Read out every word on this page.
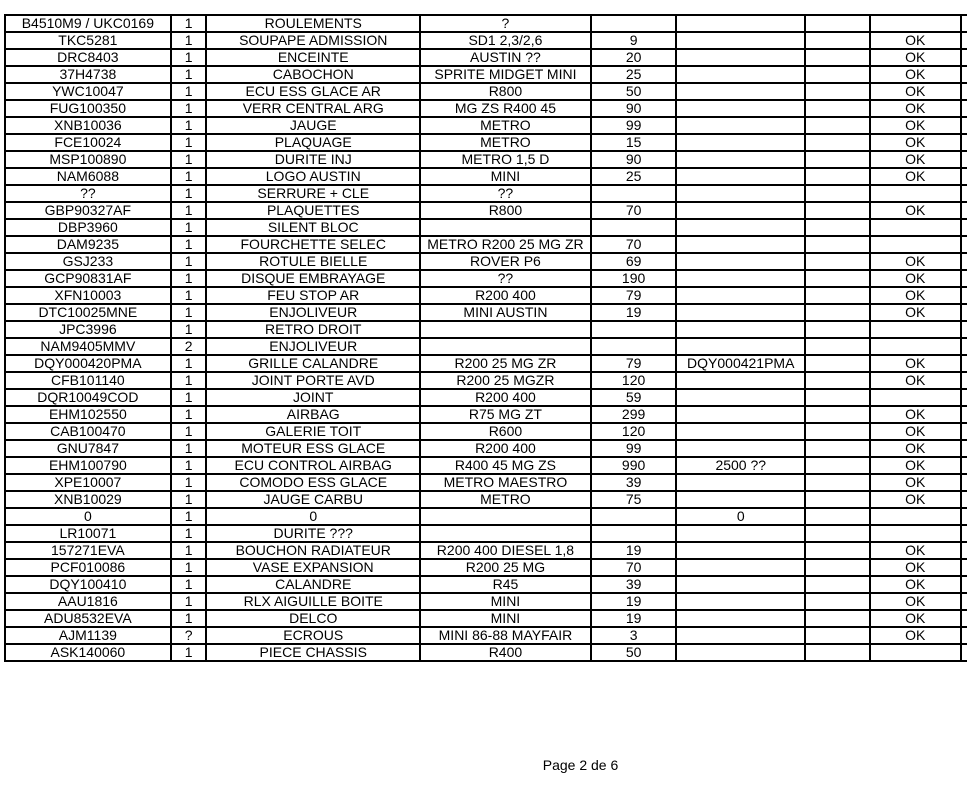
B4510M9 / UKC0169	1	ROULEMENTS	?					
TKC5281	1	SOUPAPE ADMISSION	SD1 2,3/2,6	9			OK	
DRC8403	1	ENCEINTE	AUSTIN ??	20			OK	
37H4738	1	CABOCHON	SPRITE MIDGET MINI	25			OK	
YWC10047	1	ECU ESS GLACE AR	R800	50			OK	
FUG100350	1	VERR CENTRAL ARG	MG ZS R400 45	90			OK	
XNB10036	1	JAUGE	METRO	99			OK	
FCE10024	1	PLAQUAGE	METRO	15			OK	
MSP100890	1	DURITE INJ	METRO 1,5 D	90			OK	
NAM6088	1	LOGO AUSTIN	MINI	25			OK	
??	1	SERRURE + CLE	??					
GBP90327AF	1	PLAQUETTES	R800	70			OK	
DBP3960	1	SILENT BLOC						
DAM9235	1	FOURCHETTE SELEC	METRO R200 25 MG ZR	70				
GSJ233	1	ROTULE BIELLE	ROVER P6	69			OK	
GCP90831AF	1	DISQUE EMBRAYAGE	??	190			OK	
XFN10003	1	FEU STOP AR	R200 400	79			OK	
DTC10025MNE	1	ENJOLIVEUR	MINI AUSTIN	19			OK	
JPC3996	1	RETRO DROIT						
NAM9405MMV	2	ENJOLIVEUR						
DQY000420PMA	1	GRILLE CALANDRE	R200 25 MG ZR	79	DQY000421PMA		OK	
CFB101140	1	JOINT PORTE AVD	R200 25 MGZR	120			OK	
DQR10049COD	1	JOINT	R200 400	59				
EHM102550	1	AIRBAG	R75 MG ZT	299			OK	
CAB100470	1	GALERIE TOIT	R600	120			OK	
GNU7847	1	MOTEUR ESS GLACE	R200 400	99			OK	
EHM100790	1	ECU CONTROL AIRBAG	R400 45 MG ZS	990	2500 ??		OK	
XPE10007	1	COMODO ESS GLACE	METRO MAESTRO	39			OK	
XNB10029	1	JAUGE CARBU	METRO	75			OK	
0	1	0			0			
LR10071	1	DURITE ???						
157271EVA	1	BOUCHON RADIATEUR	R200 400 DIESEL 1,8	19			OK	
PCF010086	1	VASE EXPANSION	R200 25 MG	70			OK	
DQY100410	1	CALANDRE	R45	39			OK	
AAU1816	1	RLX AIGUILLE BOITE	MINI	19			OK	
ADU8532EVA	1	DELCO	MINI	19			OK	
AJM1139	?	ECROUS	MINI 86-88 MAYFAIR	3			OK	
ASK140060	1	PIECE CHASSIS	R400	50				
Page 2 de 6
